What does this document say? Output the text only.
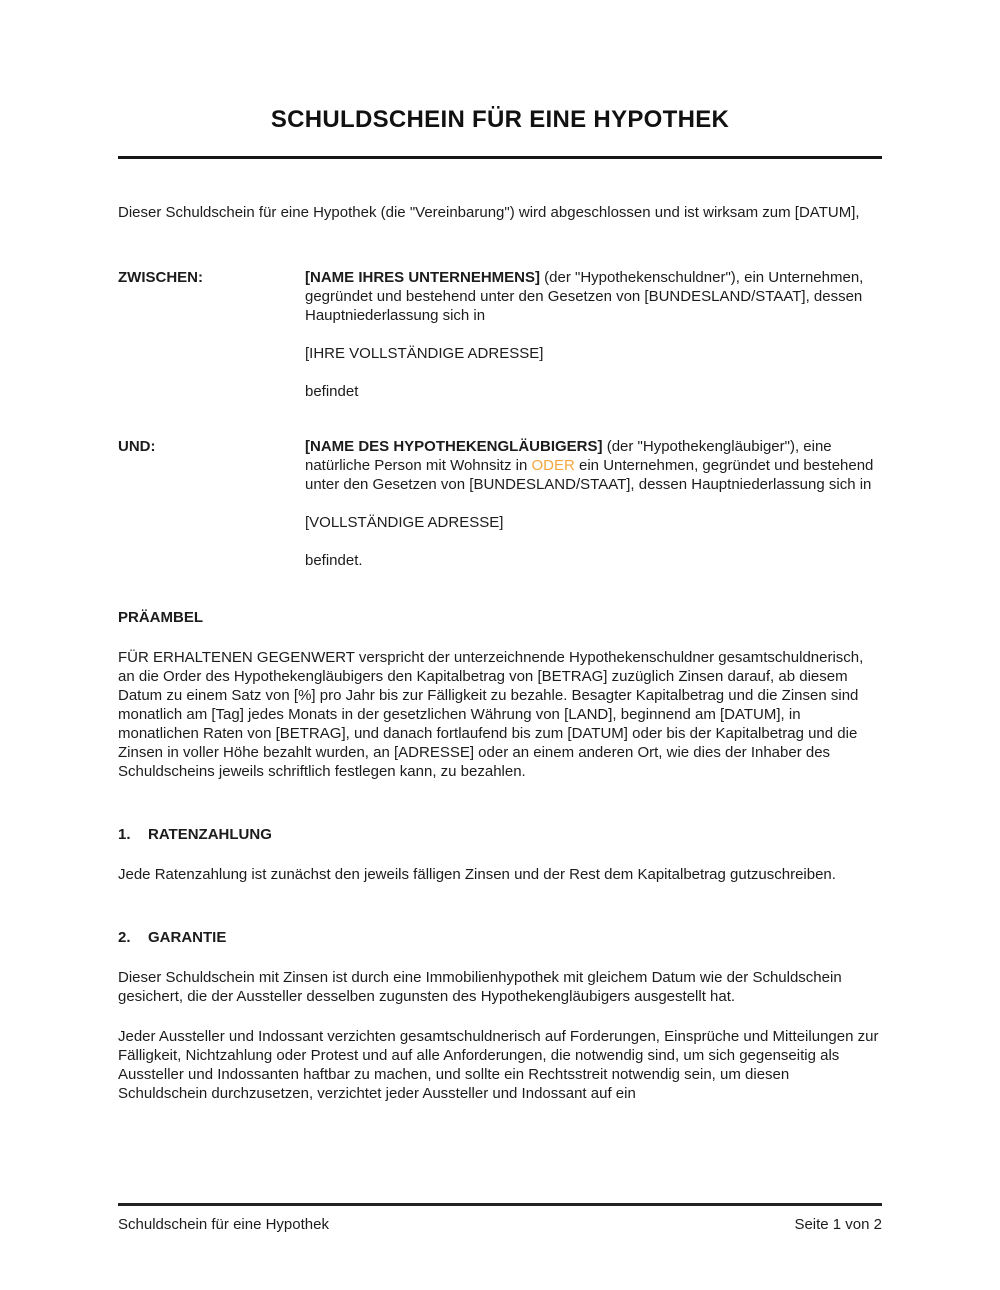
SCHULDSCHEIN FÜR EINE HYPOTHEK

Dieser Schuldschein für eine Hypothek (die "Vereinbarung") wird abgeschlossen und ist wirksam zum [DATUM],

ZWISCHEN:	[NAME IHRES UNTERNEHMENS] (der "Hypothekenschuldner"), ein Unternehmen, gegründet und bestehend unter den Gesetzen von [BUNDESLAND/STAAT], dessen Hauptniederlassung sich in

[IHRE VOLLSTÄNDIGE ADRESSE]

befindet

UND:	[NAME DES HYPOTHEKENGLÄUBIGERS] (der "Hypothekengläubiger"), eine natürliche Person mit Wohnsitz in ODER ein Unternehmen, gegründet und bestehend unter den Gesetzen von [BUNDESLAND/STAAT], dessen Hauptniederlassung sich in

[VOLLSTÄNDIGE ADRESSE]

befindet.

PRÄAMBEL

FÜR ERHALTENEN GEGENWERT verspricht der unterzeichnende Hypothekenschuldner gesamtschuldnerisch, an die Order des Hypothekengläubigers den Kapitalbetrag von [BETRAG] zuzüglich Zinsen darauf, ab diesem Datum zu einem Satz von [%] pro Jahr bis zur Fälligkeit zu bezahle. Besagter Kapitalbetrag und die Zinsen sind monatlich am [Tag] jedes Monats in der gesetzlichen Währung von [LAND], beginnend am [DATUM], in monatlichen Raten von [BETRAG], und danach fortlaufend bis zum [DATUM] oder bis der Kapitalbetrag und die Zinsen in voller Höhe bezahlt wurden, an [ADRESSE] oder an einem anderen Ort, wie dies der Inhaber des Schuldscheins jeweils schriftlich festlegen kann, zu bezahlen.

1.	RATENZAHLUNG

Jede Ratenzahlung ist zunächst den jeweils fälligen Zinsen und der Rest dem Kapitalbetrag gutzuschreiben.

2.	GARANTIE

Dieser Schuldschein mit Zinsen ist durch eine Immobilienhypothek mit gleichem Datum wie der Schuldschein gesichert, die der Aussteller desselben zugunsten des Hypothekengläubigers ausgestellt hat.

Jeder Aussteller und Indossant verzichten gesamtschuldnerisch auf Forderungen, Einsprüche und Mitteilungen zur Fälligkeit, Nichtzahlung oder Protest und auf alle Anforderungen, die notwendig sind, um sich gegenseitig als Aussteller und Indossanten haftbar zu machen, und sollte ein Rechtsstreit notwendig sein, um diesen Schuldschein durchzusetzen, verzichtet jeder Aussteller und Indossant auf ein

Schuldschein für eine Hypothek	Seite 1 von 2
